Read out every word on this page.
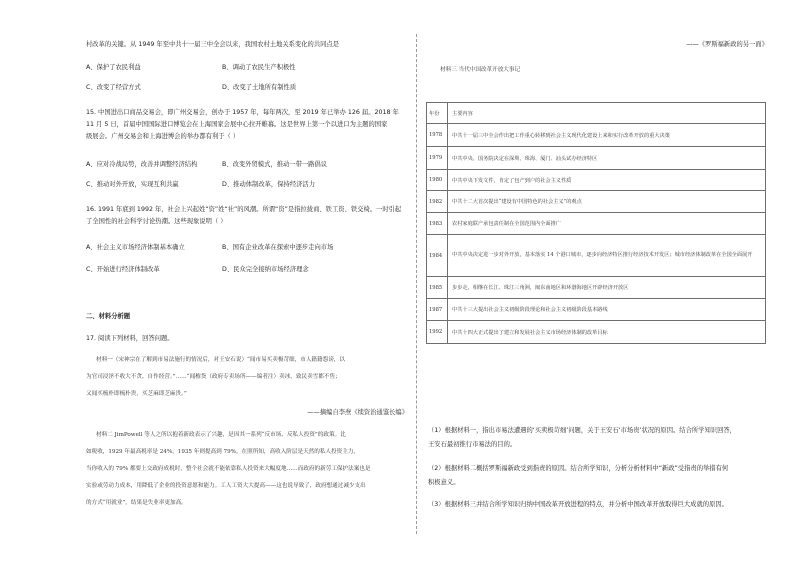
村改革的关键。从 1949 年至中共十一届三中全会以来，我国农村土地关系变化的共同点是
A、保护了农民利益	B、调动了农民生产积极性
C、改变了经营方式	D、改变了土地所有制性质
15. 中国进出口商品交易会，即广州交易会，创办于 1957 年，每年两次，至 2019 年已举办 126 届。2018 年
11 月 5 日，首届中国国际进口博览会在上海国家会展中心拉开帷幕。这是世界上第一个以进口为主题的国家
级展会。广州交易会和上海进博会的举办都有利于（ ）
A、应对冷战局势，改善并调整经济结构	B、改变外贸模式，推动一带一路倡议
C、推动对外开放，实现互利共赢	D、推动体制改革，保持经济活力
16. 1991 年底到 1992 年，社会上兴起姓“资”姓“社”的风潮。所谓“资”是指拉拢商、铁工资、铁交椅。一时引起
了全国性的社会科学讨论热潮。这些现象说明（ ）
A、社会主义市场经济体制基本确立	B、国有企业改革在探索中逐步走向市场
C、开始进行经济体制改革	D、民众完全接纳市场经济理念
二、材料分析题
17. 阅读下列材料，回答问题。
材料一（宋神宗在了解到市易法施行的情况后，对王安石说）“闻市易买卖极苛细，市人籍籍怨谤，以
为官司浸淫不收大不贪，自作经营。”……“闻榷货（政府专卖场所——编者注）卖冰，致民卖雪都不售；
又闻买梳朴即梳朴贵，买芝麻即芝麻贵。”
——摘编自李焘《续资治通鉴长编》
材料二 JimPowell 等人之所以抱着新政表示了兴趣，是因其一系列“反市场、反私人投资”的政策。比
如税收，1929 年最高税率是 24%，1935 年则提高到 79%。在照所知，高收入阶层是天然的私人投资主力，
当你收入的 79% 都要上交政府成税时，整个社会就不能依靠私人投资来大幅度地……而政府的新劳工保护法案也是
实验或劳动力成本，用降低了企业的投资意愿和能力。工人工资大大提高——这也说导致了，政府想通过减少支出
的方式“用就业”，结果是失业率更加高。
——《罗斯福新政的另一面》
材料三 当代中国改革开放大事记
年份	主要内容
1978	中共十一届三中全会作出把工作重心转移到社会主义现代化建设上来和实行改革开放的重大决策
1979	中共中央、国务院决定在深圳、珠海、厦门、汕头试办经济特区
1980	中共中央下发文件，肯定了包产到户的社会主义性质
1982	中共十二大首次提出“建设有中国特色的社会主义”的观点
1983	农村家庭联产承包责任制在全国范围内全面推广
1984	中共中央决定进一步对外开放，基本落实 14 个港口城市，逐步向经济特区推行经济技术开发区；城市经济体制改革在全国全面展开
1985	步步走，相继在长江、珠江三角洲，闽东南地区和环渤海地区开辟经济开放区
1987	中共十三大提出社会主义初级阶段理论和社会主义初级阶段基本路线
1992	中共十四大正式提出了建立和发展社会主义市场经济体制的改革目标
（1）根据材料一，指出市易法遭遇的‘买卖极苛细’问题，关于王安石‘市场贵’状况的原因。结合所学知识回答，
王安石最初推行市易法的目的。
（2）根据材料二概括罗斯福新政受到指责的原因。结合所学知识，分析分析材料中“新政”受指责的举措有何
积极意义。
（3）根据材料三并结合所学知识归纳中国改革开放进程的特点，并分析中国改革开放取得巨大成就的原因。
